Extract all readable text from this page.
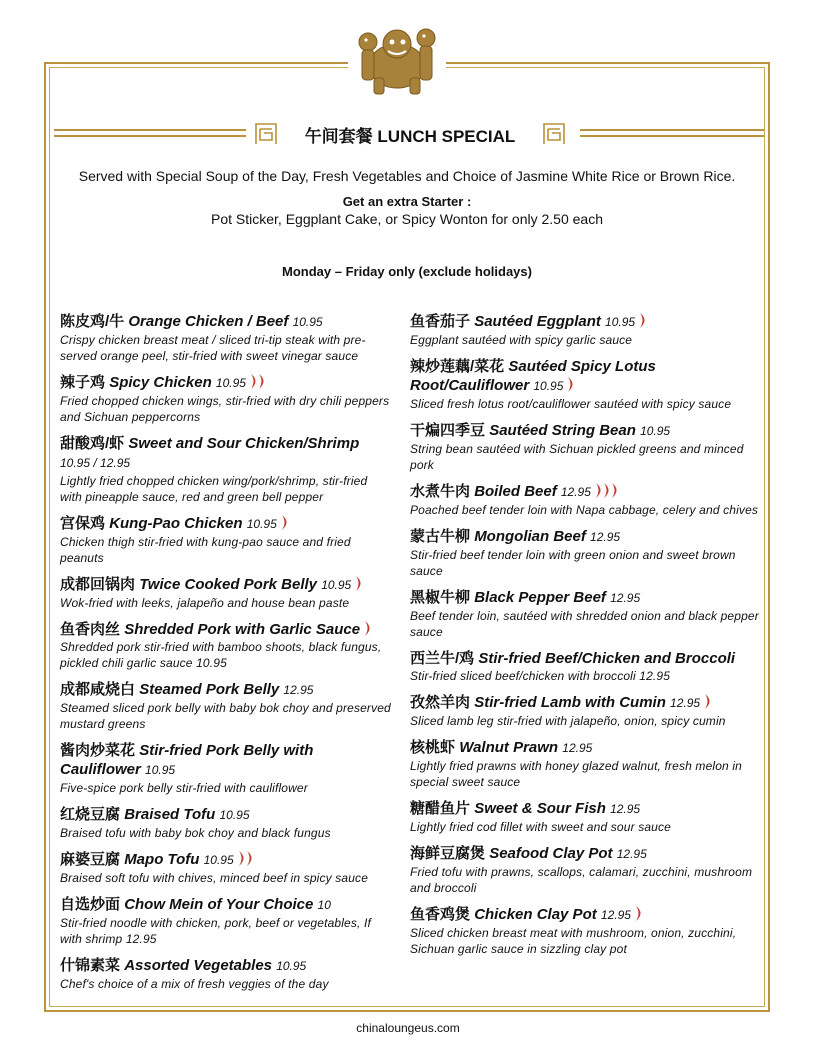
午间套餐 LUNCH SPECIAL
Served with Special Soup of the Day, Fresh Vegetables and Choice of Jasmine White Rice or Brown Rice.
Get an extra Starter :
Pot Sticker, Eggplant Cake, or Spicy Wonton for only 2.50 each
Monday – Friday only (exclude holidays)
陈皮鸡/牛 Orange Chicken / Beef 10.95
Crispy chicken breast meat / sliced tri-tip steak with pre-served orange peel, stir-fried with sweet vinegar sauce
辣子鸡 Spicy Chicken 10.95
Fried chopped chicken wings, stir-fried with dry chili peppers and Sichuan peppercorns
甜酸鸡/虾 Sweet and Sour Chicken/Shrimp 10.95 / 12.95
Lightly fried chopped chicken wing/pork/shrimp, stir-fried with pineapple sauce, red and green bell pepper
宫保鸡 Kung-Pao Chicken 10.95
Chicken thigh stir-fried with kung-pao sauce and fried peanuts
成都回锅肉 Twice Cooked Pork Belly 10.95
Wok-fried with leeks, jalapeño and house bean paste
鱼香肉丝 Shredded Pork with Garlic Sauce
Shredded pork stir-fried with bamboo shoots, black fungus, pickled chili garlic sauce 10.95
成都咸烧白 Steamed Pork Belly 12.95
Steamed sliced pork belly with baby bok choy and preserved mustard greens
酱肉炒菜花 Stir-fried Pork Belly with Cauliflower 10.95
Five-spice pork belly stir-fried with cauliflower
红烧豆腐 Braised Tofu 10.95
Braised tofu with baby bok choy and black fungus
麻婆豆腐 Mapo Tofu 10.95
Braised soft tofu with chives, minced beef in spicy sauce
自选炒面 Chow Mein of Your Choice 10
Stir-fried noodle with chicken, pork, beef or vegetables, If with shrimp 12.95
什锦素菜 Assorted Vegetables 10.95
Chef's choice of a mix of fresh veggies of the day
鱼香茄子 Sautéed Eggplant 10.95
Eggplant sautéed with spicy garlic sauce
辣炒莲藕/菜花 Sautéed Spicy Lotus Root/Cauliflower 10.95
Sliced fresh lotus root/cauliflower sautéed with spicy sauce
干煸四季豆 Sautéed String Bean 10.95
String bean sautéed with Sichuan pickled greens and minced pork
水煮牛肉 Boiled Beef 12.95
Poached beef tender loin with Napa cabbage, celery and chives
蒙古牛柳 Mongolian Beef 12.95
Stir-fried beef tender loin with green onion and sweet brown sauce
黑椒牛柳 Black Pepper Beef 12.95
Beef tender loin, sautéed with shredded onion and black pepper sauce
西兰牛/鸡 Stir-fried Beef/Chicken and Broccoli
Stir-fried sliced beef/chicken with broccoli 12.95
孜然羊肉 Stir-fried Lamb with Cumin 12.95
Sliced lamb leg stir-fried with jalapeño, onion, spicy cumin
核桃虾 Walnut Prawn 12.95
Lightly fried prawns with honey glazed walnut, fresh melon in special sweet sauce
糖醋鱼片 Sweet & Sour Fish 12.95
Lightly fried cod fillet with sweet and sour sauce
海鲜豆腐煲 Seafood Clay Pot 12.95
Fried tofu with prawns, scallops, calamari, zucchini, mushroom and broccoli
鱼香鸡煲 Chicken Clay Pot 12.95
Sliced chicken breast meat with mushroom, onion, zucchini, Sichuan garlic sauce in sizzling clay pot
chinaloungeus.com
